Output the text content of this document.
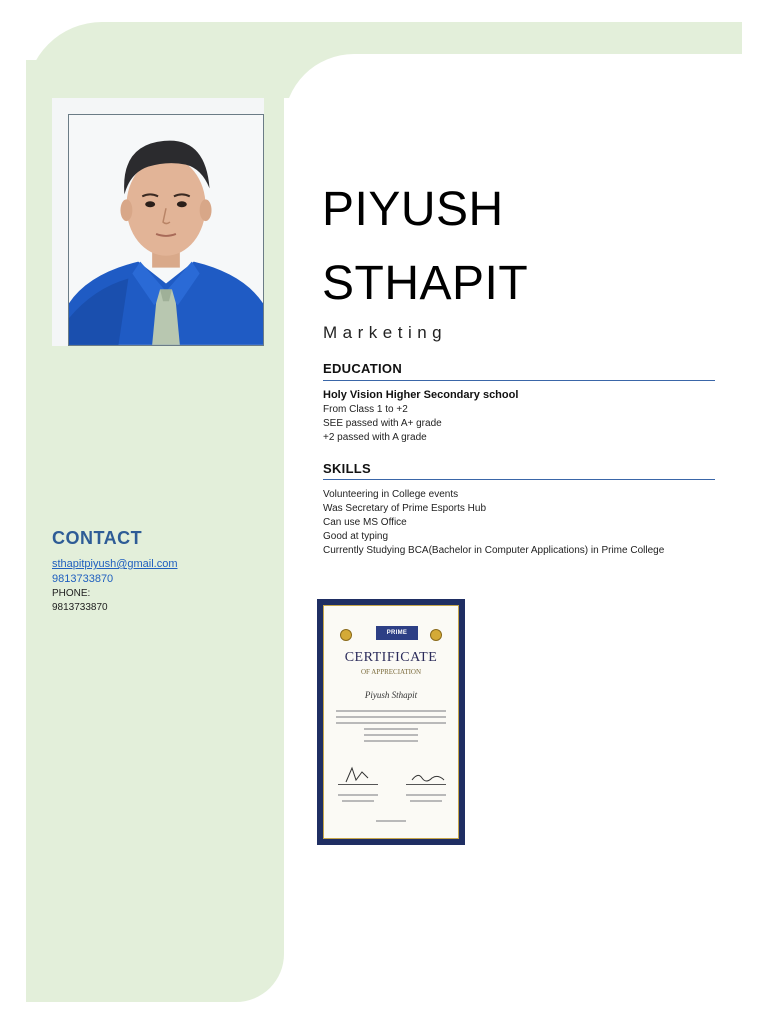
CONTACT
sthapitpiyush@gmail.com
9813733870
PHONE:
9813733870
PIYUSH
STHAPIT
Marketing
EDUCATION
Holy Vision Higher Secondary school
From Class 1 to +2
SEE passed with A+ grade
+2 passed with A grade
SKILLS
Volunteering in College events
Was Secretary of Prime Esports Hub
Can use MS Office
Good at typing
Currently Studying BCA(Bachelor in Computer Applications) in Prime College
PRIME
CERTIFICATE
OF APPRECIATION
Piyush Sthapit
